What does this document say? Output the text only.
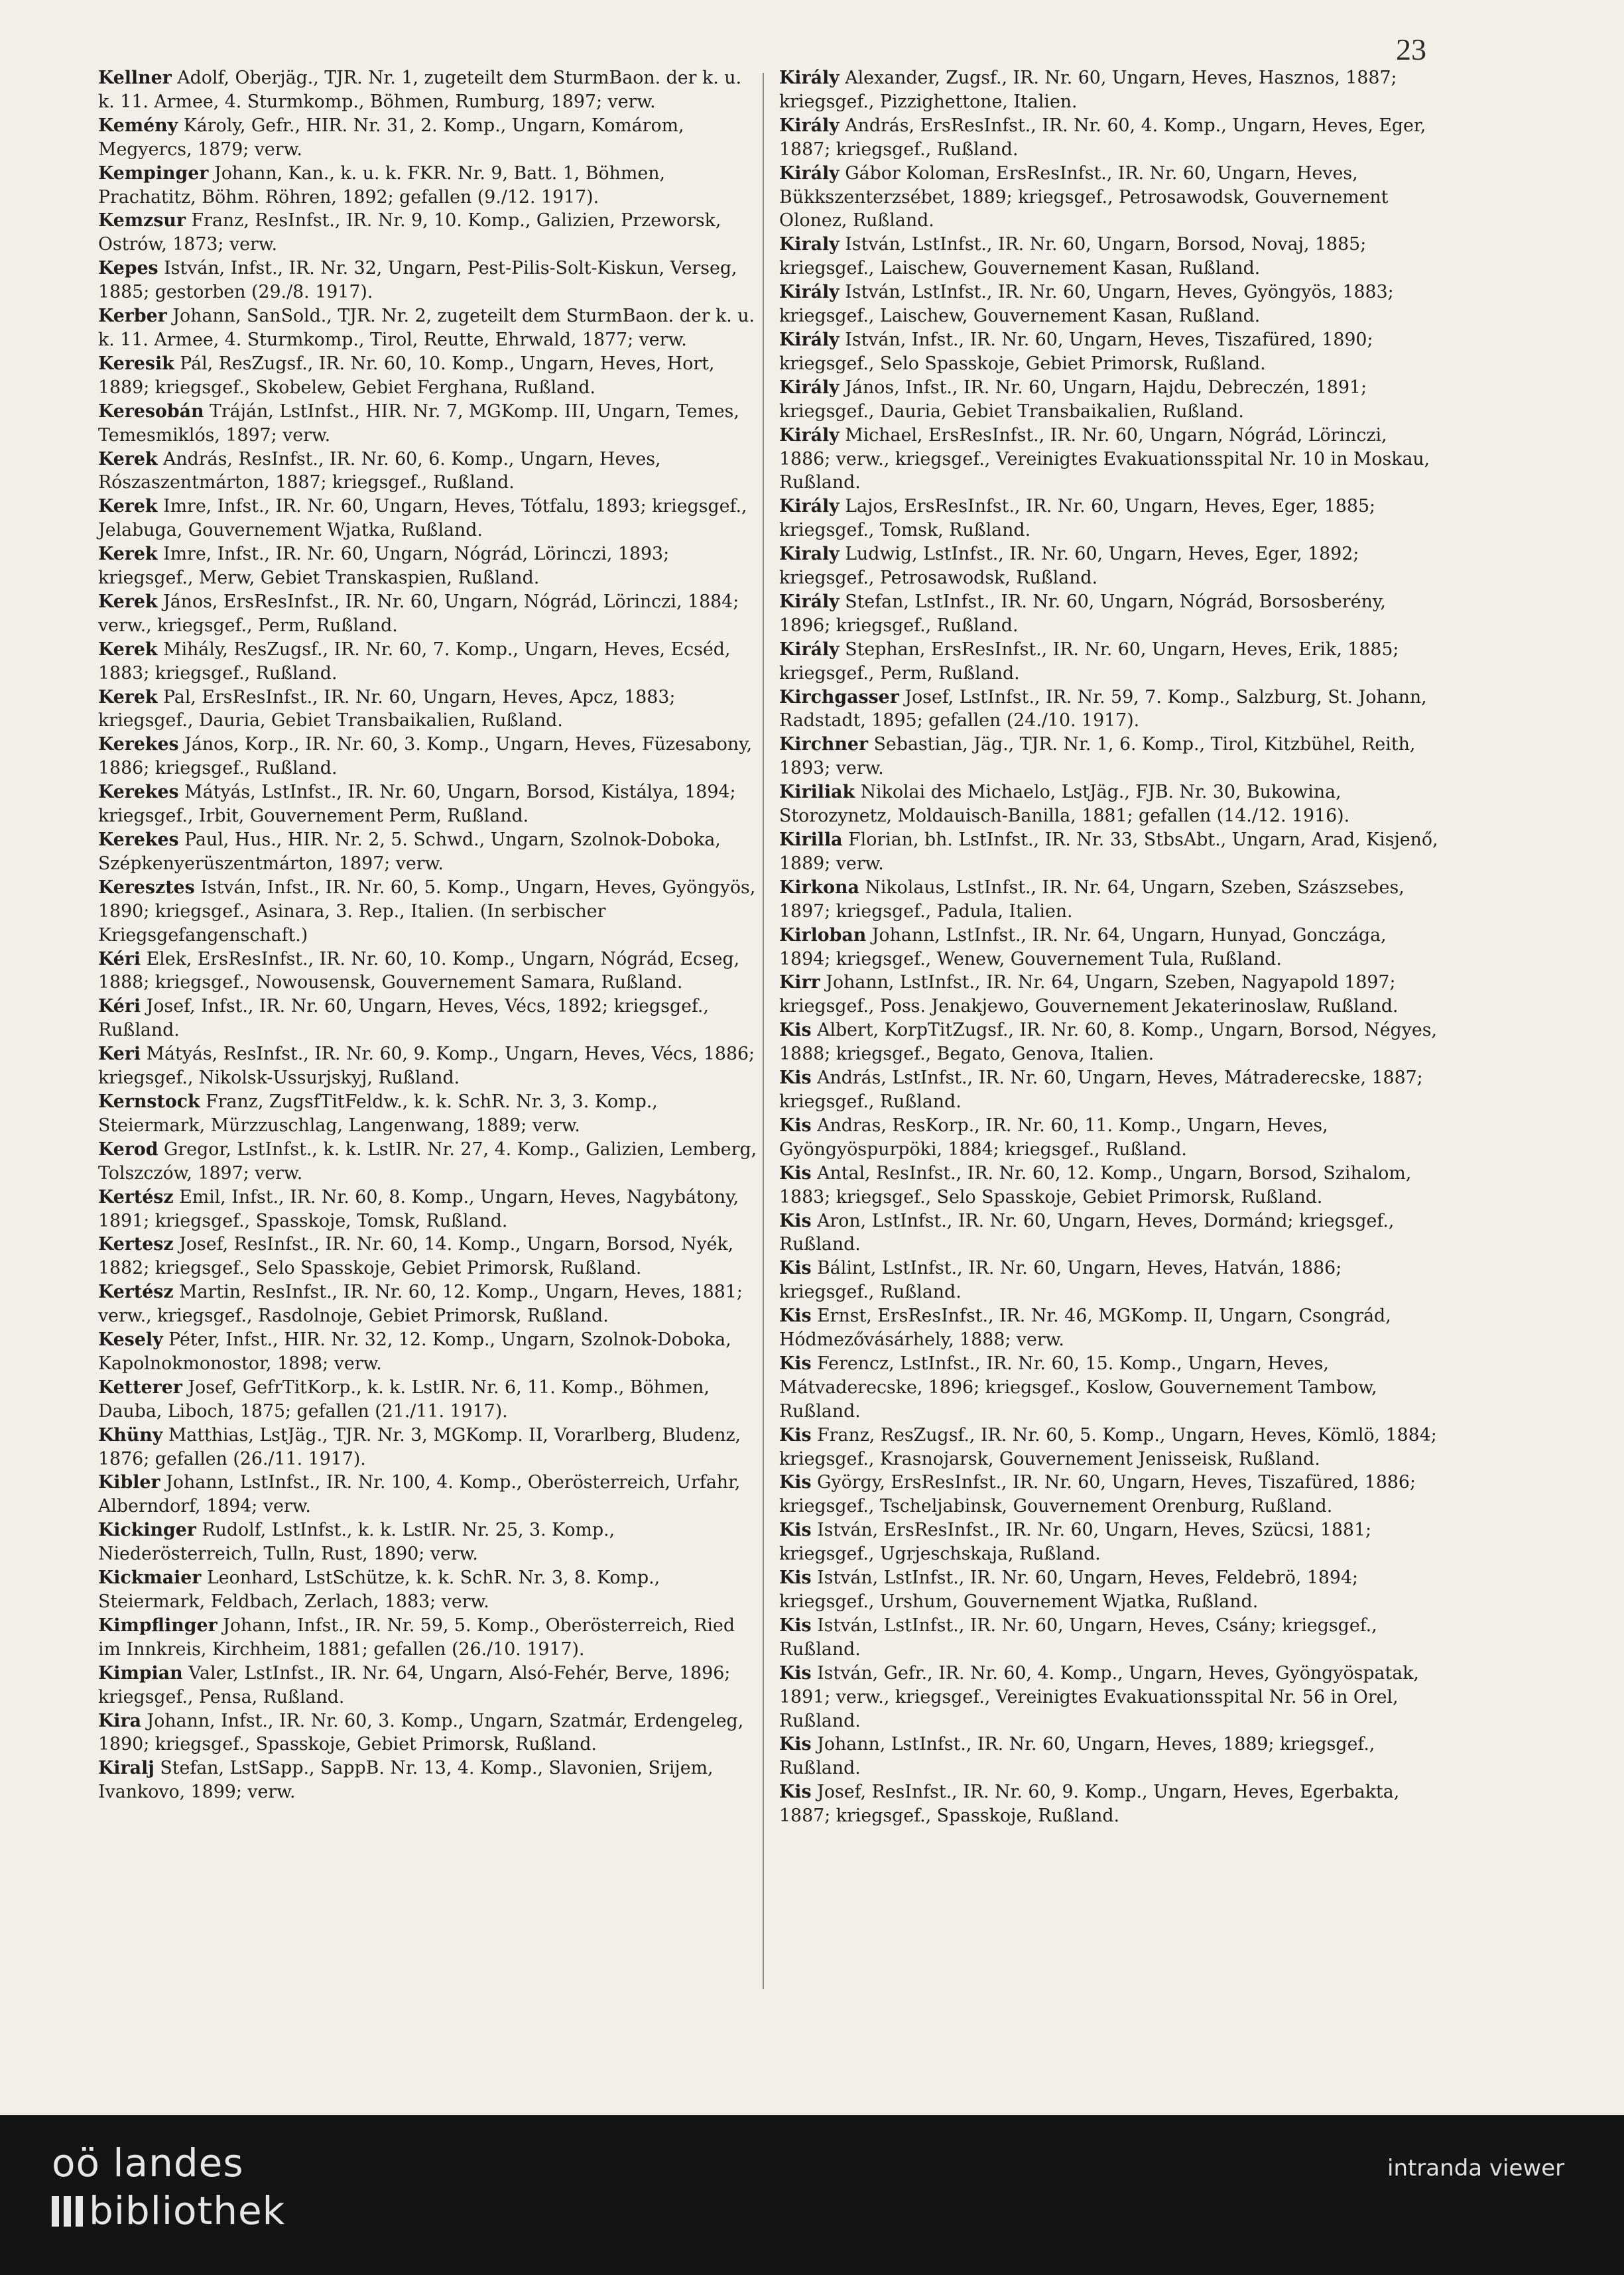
23

Kellner Adolf, Oberjäg., TJR. Nr. 1, zugeteilt dem SturmBaon. der k. u. k. 11. Armee, 4. Sturmkomp., Böhmen, Rumburg, 1897; verw.

Kemény Károly, Gefr., HIR. Nr. 31, 2. Komp., Ungarn, Komárom, Megyercs, 1879; verw.

Kempinger Johann, Kan., k. u. k. FKR. Nr. 9, Batt. 1, Böhmen, Prachatitz, Böhm. Röhren, 1892; gefallen (9./12. 1917).

Kemzsur Franz, ResInfst., IR. Nr. 9, 10. Komp., Galizien, Przeworsk, Ostrów, 1873; verw.

Kepes István, Infst., IR. Nr. 32, Ungarn, Pest-Pilis-Solt-Kiskun, Verseg, 1885; gestorben (29./8. 1917).

Kerber Johann, SanSold., TJR. Nr. 2, zugeteilt dem SturmBaon. der k. u. k. 11. Armee, 4. Sturmkomp., Tirol, Reutte, Ehrwald, 1877; verw.

Keresik Pál, ResZugsf., IR. Nr. 60, 10. Komp., Ungarn, Heves, Hort, 1889; kriegsgef., Skobelew, Gebiet Ferghana, Rußland.

Keresobán Tráján, LstInfst., HIR. Nr. 7, MGKomp. III, Ungarn, Temes, Temesmiklós, 1897; verw.

Kerek András, ResInfst., IR. Nr. 60, 6. Komp., Ungarn, Heves, Rószaszentmárton, 1887; kriegsgef., Rußland.

Kerek Imre, Infst., IR. Nr. 60, Ungarn, Heves, Tótfalu, 1893; kriegsgef., Jelabuga, Gouvernement Wjatka, Rußland.

Kerek Imre, Infst., IR. Nr. 60, Ungarn, Nógrád, Lörinczi, 1893; kriegsgef., Merw, Gebiet Transkaspien, Rußland.

Kerek János, ErsResInfst., IR. Nr. 60, Ungarn, Nógrád, Lörinczi, 1884; verw., kriegsgef., Perm, Rußland.

Kerek Mihály, ResZugsf., IR. Nr. 60, 7. Komp., Ungarn, Heves, Ecséd, 1883; kriegsgef., Rußland.

Kerek Pal, ErsResInfst., IR. Nr. 60, Ungarn, Heves, Apcz, 1883; kriegsgef., Dauria, Gebiet Transbaikalien, Rußland.

Kerekes János, Korp., IR. Nr. 60, 3. Komp., Ungarn, Heves, Füzesabony, 1886; kriegsgef., Rußland.

Kerekes Mátyás, LstInfst., IR. Nr. 60, Ungarn, Borsod, Kistálya, 1894; kriegsgef., Irbit, Gouvernement Perm, Rußland.

Kerekes Paul, Hus., HIR. Nr. 2, 5. Schwd., Ungarn, Szolnok-Doboka, Szépkenyerüszentmárton, 1897; verw.

Keresztes István, Infst., IR. Nr. 60, 5. Komp., Ungarn, Heves, Gyöngyös, 1890; kriegsgef., Asinara, 3. Rep., Italien. (In serbischer Kriegsgefangenschaft.)

Kéri Elek, ErsResInfst., IR. Nr. 60, 10. Komp., Ungarn, Nógrád, Ecseg, 1888; kriegsgef., Nowousensk, Gouvernement Samara, Rußland.

Kéri Josef, Infst., IR. Nr. 60, Ungarn, Heves, Vécs, 1892; kriegsgef., Rußland.

Keri Mátyás, ResInfst., IR. Nr. 60, 9. Komp., Ungarn, Heves, Vécs, 1886; kriegsgef., Nikolsk-Ussurjskyj, Rußland.

Kernstock Franz, ZugsfTitFeldw., k. k. SchR. Nr. 3, 3. Komp., Steiermark, Mürzzuschlag, Langenwang, 1889; verw.

Kerod Gregor, LstInfst., k. k. LstIR. Nr. 27, 4. Komp., Galizien, Lemberg, Tolszczów, 1897; verw.

Kertész Emil, Infst., IR. Nr. 60, 8. Komp., Ungarn, Heves, Nagybátony, 1891; kriegsgef., Spasskoje, Tomsk, Rußland.

Kertesz Josef, ResInfst., IR. Nr. 60, 14. Komp., Ungarn, Borsod, Nyék, 1882; kriegsgef., Selo Spasskoje, Gebiet Primorsk, Rußland.

Kertész Martin, ResInfst., IR. Nr. 60, 12. Komp., Ungarn, Heves, 1881; verw., kriegsgef., Rasdolnoje, Gebiet Primorsk, Rußland.

Kesely Péter, Infst., HIR. Nr. 32, 12. Komp., Ungarn, Szolnok-Doboka, Kapolnokmonostor, 1898; verw.

Ketterer Josef, GefrTitKorp., k. k. LstIR. Nr. 6, 11. Komp., Böhmen, Dauba, Liboch, 1875; gefallen (21./11. 1917).

Khüny Matthias, LstJäg., TJR. Nr. 3, MGKomp. II, Vorarlberg, Bludenz, 1876; gefallen (26./11. 1917).

Kibler Johann, LstInfst., IR. Nr. 100, 4. Komp., Oberösterreich, Urfahr, Alberndorf, 1894; verw.

Kickinger Rudolf, LstInfst., k. k. LstIR. Nr. 25, 3. Komp., Niederösterreich, Tulln, Rust, 1890; verw.

Kickmaier Leonhard, LstSchütze, k. k. SchR. Nr. 3, 8. Komp., Steiermark, Feldbach, Zerlach, 1883; verw.

Kimpflinger Johann, Infst., IR. Nr. 59, 5. Komp., Oberösterreich, Ried im Innkreis, Kirchheim, 1881; gefallen (26./10. 1917).

Kimpian Valer, LstInfst., IR. Nr. 64, Ungarn, Alsó-Fehér, Berve, 1896; kriegsgef., Pensa, Rußland.

Kira Johann, Infst., IR. Nr. 60, 3. Komp., Ungarn, Szatmár, Erdengeleg, 1890; kriegsgef., Spasskoje, Gebiet Primorsk, Rußland.

Kiralj Stefan, LstSapp., SappB. Nr. 13, 4. Komp., Slavonien, Srijem, Ivankovo, 1899; verw.

Király Alexander, Zugsf., IR. Nr. 60, Ungarn, Heves, Hasznos, 1887; kriegsgef., Pizzighettone, Italien.

Király András, ErsResInfst., IR. Nr. 60, 4. Komp., Ungarn, Heves, Eger, 1887; kriegsgef., Rußland.

Király Gábor Koloman, ErsResInfst., IR. Nr. 60, Ungarn, Heves, Bükkszenterzsébet, 1889; kriegsgef., Petrosawodsk, Gouvernement Olonez, Rußland.

Kiraly István, LstInfst., IR. Nr. 60, Ungarn, Borsod, Novaj, 1885; kriegsgef., Laischew, Gouvernement Kasan, Rußland.

Király István, LstInfst., IR. Nr. 60, Ungarn, Heves, Gyöngyös, 1883; kriegsgef., Laischew, Gouvernement Kasan, Rußland.

Király István, Infst., IR. Nr. 60, Ungarn, Heves, Tiszafüred, 1890; kriegsgef., Selo Spasskoje, Gebiet Primorsk, Rußland.

Király János, Infst., IR. Nr. 60, Ungarn, Hajdu, Debreczén, 1891; kriegsgef., Dauria, Gebiet Transbaikalien, Rußland.

Király Michael, ErsResInfst., IR. Nr. 60, Ungarn, Nógrád, Lörinczi, 1886; verw., kriegsgef., Vereinigtes Evakuationsspital Nr. 10 in Moskau, Rußland.

Király Lajos, ErsResInfst., IR. Nr. 60, Ungarn, Heves, Eger, 1885; kriegsgef., Tomsk, Rußland.

Kiraly Ludwig, LstInfst., IR. Nr. 60, Ungarn, Heves, Eger, 1892; kriegsgef., Petrosawodsk, Rußland.

Király Stefan, LstInfst., IR. Nr. 60, Ungarn, Nógrád, Borsosberény, 1896; kriegsgef., Rußland.

Király Stephan, ErsResInfst., IR. Nr. 60, Ungarn, Heves, Erik, 1885; kriegsgef., Perm, Rußland.

Kirchgasser Josef, LstInfst., IR. Nr. 59, 7. Komp., Salzburg, St. Johann, Radstadt, 1895; gefallen (24./10. 1917).

Kirchner Sebastian, Jäg., TJR. Nr. 1, 6. Komp., Tirol, Kitzbühel, Reith, 1893; verw.

Kiriliak Nikolai des Michaelo, LstJäg., FJB. Nr. 30, Bukowina, Storozynetz, Moldauisch-Banilla, 1881; gefallen (14./12. 1916).

Kirilla Florian, bh. LstInfst., IR. Nr. 33, StbsAbt., Ungarn, Arad, Kisjenő, 1889; verw.

Kirkona Nikolaus, LstInfst., IR. Nr. 64, Ungarn, Szeben, Szászsebes, 1897; kriegsgef., Padula, Italien.

Kirloban Johann, LstInfst., IR. Nr. 64, Ungarn, Hunyad, Gonczága, 1894; kriegsgef., Wenew, Gouvernement Tula, Rußland.

Kirr Johann, LstInfst., IR. Nr. 64, Ungarn, Szeben, Nagyapold 1897; kriegsgef., Poss. Jenakjewo, Gouvernement Jekaterinoslaw, Rußland.

Kis Albert, KorpTitZugsf., IR. Nr. 60, 8. Komp., Ungarn, Borsod, Négyes, 1888; kriegsgef., Begato, Genova, Italien.

Kis András, LstInfst., IR. Nr. 60, Ungarn, Heves, Mátraderecske, 1887; kriegsgef., Rußland.

Kis Andras, ResKorp., IR. Nr. 60, 11. Komp., Ungarn, Heves, Gyöngyöspurpöki, 1884; kriegsgef., Rußland.

Kis Antal, ResInfst., IR. Nr. 60, 12. Komp., Ungarn, Borsod, Szihalom, 1883; kriegsgef., Selo Spasskoje, Gebiet Primorsk, Rußland.

Kis Aron, LstInfst., IR. Nr. 60, Ungarn, Heves, Dormánd; kriegsgef., Rußland.

Kis Bálint, LstInfst., IR. Nr. 60, Ungarn, Heves, Hatván, 1886; kriegsgef., Rußland.

Kis Ernst, ErsResInfst., IR. Nr. 46, MGKomp. II, Ungarn, Csongrád, Hódmezővásárhely, 1888; verw.

Kis Ferencz, LstInfst., IR. Nr. 60, 15. Komp., Ungarn, Heves, Mátvaderecske, 1896; kriegsgef., Koslow, Gouvernement Tambow, Rußland.

Kis Franz, ResZugsf., IR. Nr. 60, 5. Komp., Ungarn, Heves, Kömlö, 1884; kriegsgef., Krasnojarsk, Gouvernement Jenisseisk, Rußland.

Kis György, ErsResInfst., IR. Nr. 60, Ungarn, Heves, Tiszafüred, 1886; kriegsgef., Tscheljabinsk, Gouvernement Orenburg, Rußland.

Kis István, ErsResInfst., IR. Nr. 60, Ungarn, Heves, Szücsi, 1881; kriegsgef., Ugrjeschskaja, Rußland.

Kis István, LstInfst., IR. Nr. 60, Ungarn, Heves, Feldebrö, 1894; kriegsgef., Urshum, Gouvernement Wjatka, Rußland.

Kis István, LstInfst., IR. Nr. 60, Ungarn, Heves, Csány; kriegsgef., Rußland.

Kis István, Gefr., IR. Nr. 60, 4. Komp., Ungarn, Heves, Gyöngyöspatak, 1891; verw., kriegsgef., Vereinigtes Evakuationsspital Nr. 56 in Orel, Rußland.

Kis Johann, LstInfst., IR. Nr. 60, Ungarn, Heves, 1889; kriegsgef., Rußland.

Kis Josef, ResInfst., IR. Nr. 60, 9. Komp., Ungarn, Heves, Egerbakta, 1887; kriegsgef., Spasskoje, Rußland.

oö landes
bibliothek
intranda viewer
